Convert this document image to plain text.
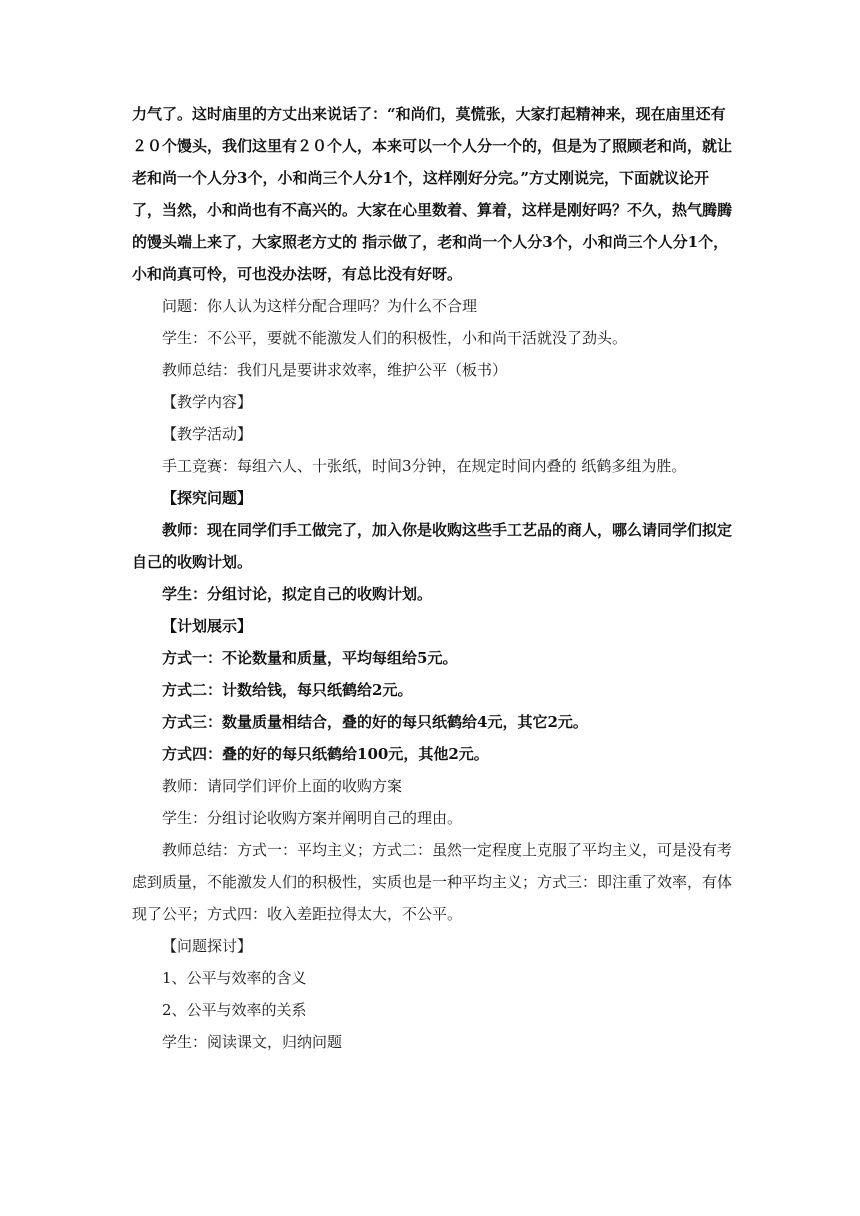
力气了。这时庙里的方丈出来说话了：“和尚们，莫慌张，大家打起精神来，现在庙里还有２０个馒头，我们这里有２０个人，本来可以一个人分一个的，但是为了照顾老和尚，就让老和尚一个人分3个，小和尚三个人分1个，这样刚好分完。”方丈刚说完，下面就议论开了，当然，小和尚也有不高兴的。大家在心里数着、算着，这样是刚好吗？不久，热气腾腾的馒头端上来了，大家照老方丈的 指示做了，老和尚一个人分3个，小和尚三个人分1个，小和尚真可怜，可也没办法呀，有总比没有好呀。

问题：你人认为这样分配合理吗？为什么不合理

学生：不公平，要就不能激发人们的积极性，小和尚干活就没了劲头。

教师总结：我们凡是要讲求效率，维护公平（板书）

【教学内容】

【教学活动】

手工竞赛：每组六人、十张纸，时间3分钟，在规定时间内叠的 纸鹤多组为胜。

【探究问题】

教师：现在同学们手工做完了，加入你是收购这些手工艺品的商人，哪么请同学们拟定自己的收购计划。

学生：分组讨论，拟定自己的收购计划。

【计划展示】

方式一：不论数量和质量，平均每组给5元。

方式二：计数给钱，每只纸鹤给2元。

方式三：数量质量相结合，叠的好的每只纸鹤给4元，其它2元。

方式四：叠的好的每只纸鹤给100元，其他2元。

教师：请同学们评价上面的收购方案

学生：分组讨论收购方案并阐明自己的理由。

教师总结：方式一：平均主义；方式二：虽然一定程度上克服了平均主义，可是没有考虑到质量，不能激发人们的积极性，实质也是一种平均主义；方式三：即注重了效率，有体现了公平；方式四：收入差距拉得太大，不公平。

【问题探讨】

1、公平与效率的含义

2、公平与效率的关系

学生：阅读课文，归纳问题
